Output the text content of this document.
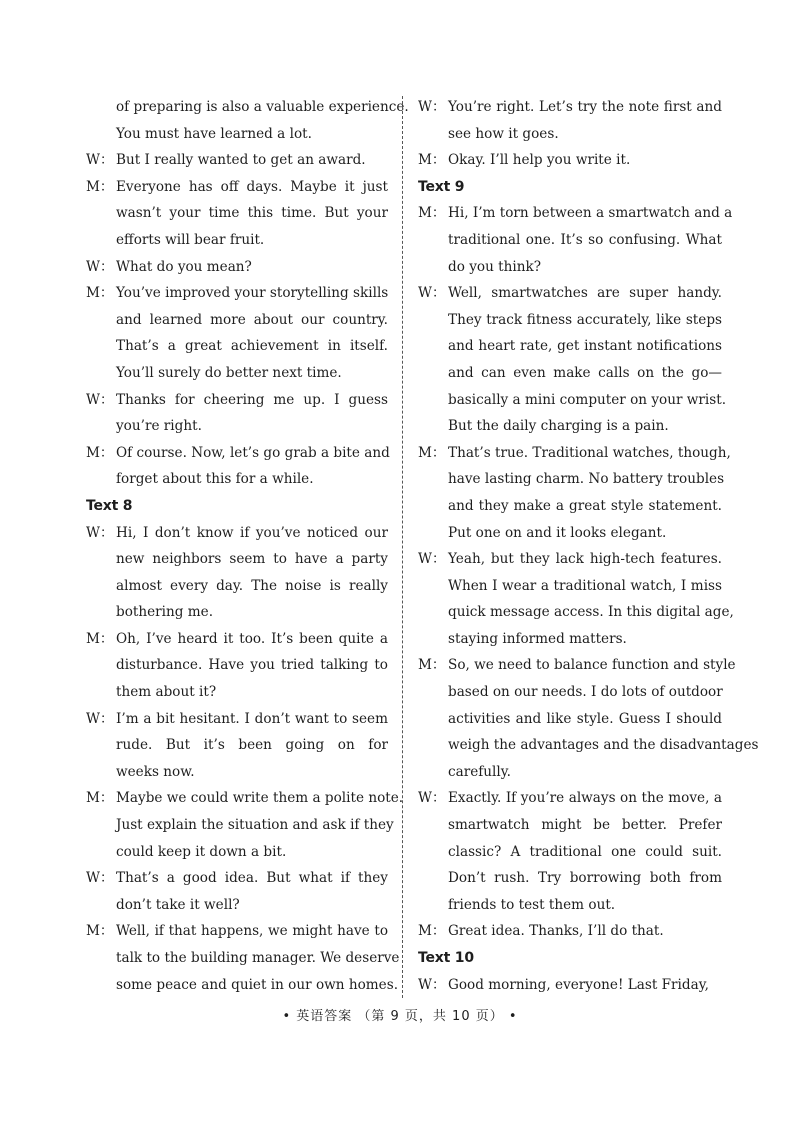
of preparing is also a valuable experience.
You must have learned a lot.
W： But I really wanted to get an award.
M： Everyone has off days. Maybe it just
wasn’t your time this time. But your
efforts will bear fruit.
W： What do you mean?
M： You’ve improved your storytelling skills
and learned more about our country.
That’s a great achievement in itself.
You’ll surely do better next time.
W： Thanks for cheering me up. I guess
you’re right.
M： Of course. Now, let’s go grab a bite and
forget about this for a while.
Text 8
W： Hi, I don’t know if you’ve noticed our
new neighbors seem to have a party
almost every day. The noise is really
bothering me.
M： Oh, I’ve heard it too. It’s been quite a
disturbance. Have you tried talking to
them about it?
W： I’m a bit hesitant. I don’t want to seem
rude. But it’s been going on for
weeks now.
M： Maybe we could write them a polite note.
Just explain the situation and ask if they
could keep it down a bit.
W： That’s a good idea. But what if they
don’t take it well?
M： Well, if that happens, we might have to
talk to the building manager. We deserve
some peace and quiet in our own homes.
W： You’re right. Let’s try the note first and
see how it goes.
M： Okay. I’ll help you write it.
Text 9
M： Hi, I’m torn between a smartwatch and a
traditional one. It’s so confusing. What
do you think?
W： Well, smartwatches are super handy.
They track fitness accurately, like steps
and heart rate, get instant notifications
and can even make calls on the go—
basically a mini computer on your wrist.
But the daily charging is a pain.
M： That’s true. Traditional watches, though,
have lasting charm. No battery troubles
and they make a great style statement.
Put one on and it looks elegant.
W： Yeah, but they lack high-tech features.
When I wear a traditional watch, I miss
quick message access. In this digital age,
staying informed matters.
M： So, we need to balance function and style
based on our needs. I do lots of outdoor
activities and like style. Guess I should
weigh the advantages and the disadvantages
carefully.
W： Exactly. If you’re always on the move, a
smartwatch might be better. Prefer
classic? A traditional one could suit.
Don’t rush. Try borrowing both from
friends to test them out.
M： Great idea. Thanks, I’ll do that.
Text 10
W： Good morning, everyone! Last Friday,
• 英语答案 （第 9 页，共 10 页） •
